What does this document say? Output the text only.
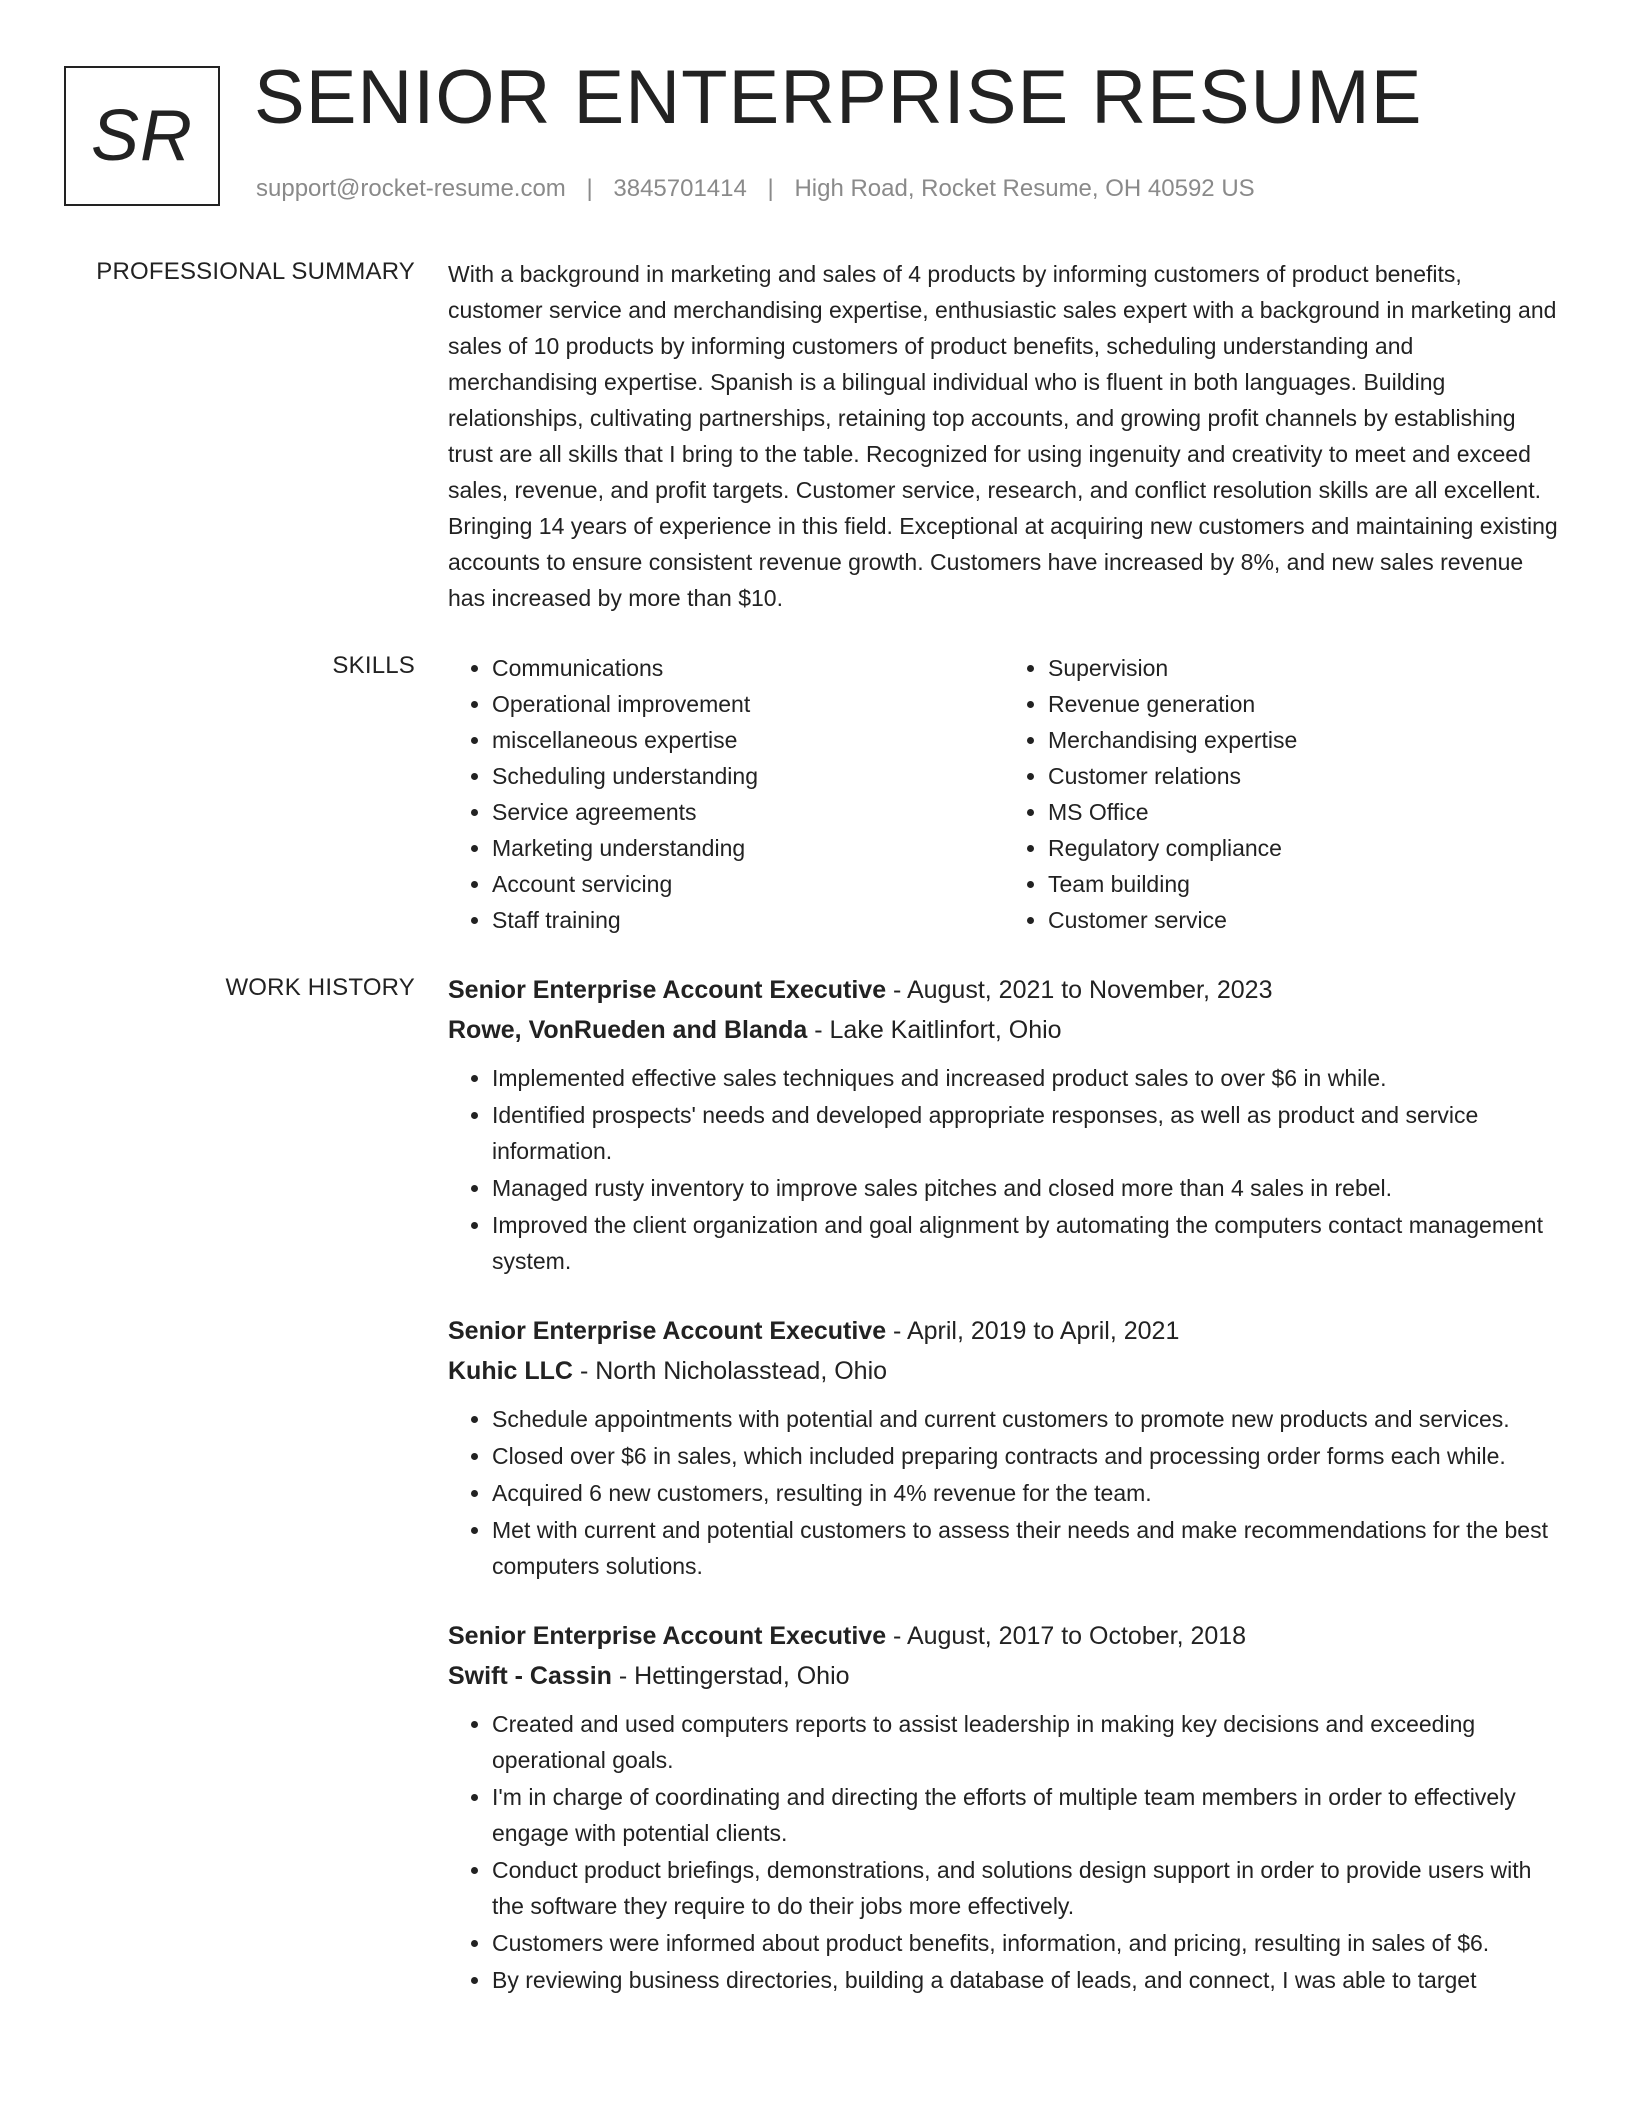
SR SENIOR ENTERPRISE RESUME
support@rocket-resume.com | 3845701414 | High Road, Rocket Resume, OH 40592 US
PROFESSIONAL SUMMARY With a background in marketing and sales of 4 products by informing customers of product benefits, customer service and merchandising expertise, enthusiastic sales expert with a background in marketing and sales of 10 products by informing customers of product benefits, scheduling understanding and merchandising expertise. Spanish is a bilingual individual who is fluent in both languages. Building relationships, cultivating partnerships, retaining top accounts, and growing profit channels by establishing trust are all skills that I bring to the table. Recognized for using ingenuity and creativity to meet and exceed sales, revenue, and profit targets. Customer service, research, and conflict resolution skills are all excellent. Bringing 14 years of experience in this field. Exceptional at acquiring new customers and maintaining existing accounts to ensure consistent revenue growth. Customers have increased by 8%, and new sales revenue has increased by more than $10.

SKILLS
•	Communications
• Operational improvement
• miscellaneous expertise
• Scheduling understanding
• Service agreements
• Marketing understanding
• Account servicing
• Staff training
• Supervision
• Revenue generation
• Merchandising expertise
• Customer relations
• MS Office
• Regulatory compliance
• Team building
• Customer service
WORK HISTORY Senior Enterprise Account Executive - August, 2021 to November, 2023
Rowe, VonRueden and Blanda - Lake Kaitlinfort, Ohio
• Implemented effective sales techniques and increased product sales to over $6 in while.
• Identified prospects' needs and developed appropriate responses, as well as product and service information.
• Managed rusty inventory to improve sales pitches and closed more than 4 sales in rebel.
• Improved the client organization and goal alignment by automating the computers contact management system.
Senior Enterprise Account Executive - April, 2019 to April, 2021
Kuhic LLC - North Nicholasstead, Ohio
• Schedule appointments with potential and current customers to promote new products and services.
• Closed over $6 in sales, which included preparing contracts and processing order forms each while.
• Acquired 6 new customers, resulting in 4% revenue for the team.
• Met with current and potential customers to assess their needs and make recommendations for the best computers solutions.
Senior Enterprise Account Executive - August, 2017 to October, 2018
Swift - Cassin - Hettingerstad, Ohio
• Created and used computers reports to assist leadership in making key decisions and exceeding operational goals.
• I'm in charge of coordinating and directing the efforts of multiple team members in order to effectively engage with potential clients.
• Conduct product briefings, demonstrations, and solutions design support in order to provide users with the software they require to do their jobs more effectively.
• Customers were informed about product benefits, information, and pricing, resulting in sales of $6.
• By reviewing business directories, building a database of leads, and connect, I was able to target
